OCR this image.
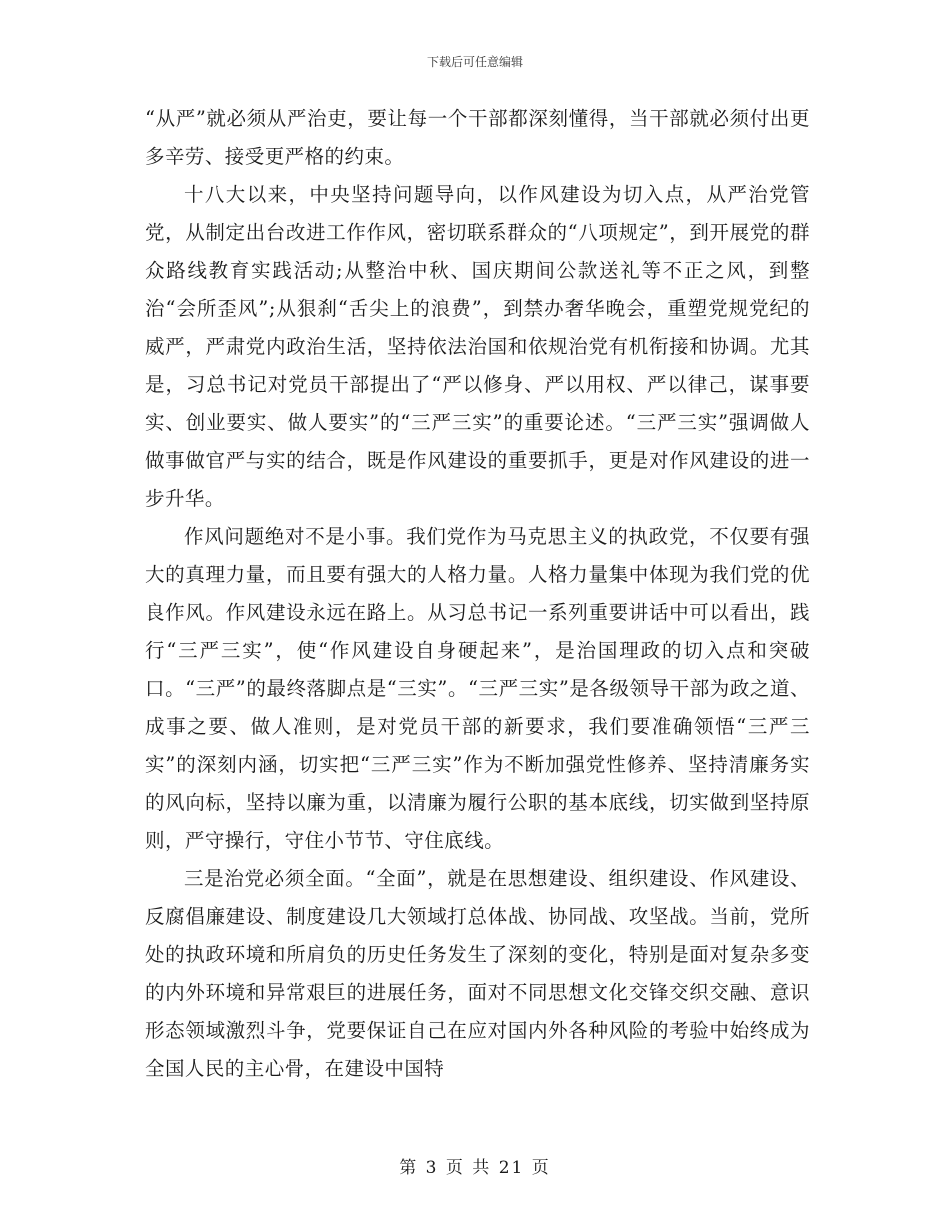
下载后可任意编辑

“从严”就必须从严治吏，要让每一个干部都深刻懂得，当干部就必须付出更多辛劳、接受更严格的约束。

十八大以来，中央坚持问题导向，以作风建设为切入点，从严治党管党，从制定出台改进工作作风，密切联系群众的“八项规定”，到开展党的群众路线教育实践活动;从整治中秋、国庆期间公款送礼等不正之风，到整治“会所歪风”;从狠刹“舌尖上的浪费”，到禁办奢华晚会，重塑党规党纪的威严，严肃党内政治生活，坚持依法治国和依规治党有机衔接和协调。尤其是，习总书记对党员干部提出了“严以修身、严以用权、严以律己，谋事要实、创业要实、做人要实”的“三严三实”的重要论述。“三严三实”强调做人做事做官严与实的结合，既是作风建设的重要抓手，更是对作风建设的进一步升华。

作风问题绝对不是小事。我们党作为马克思主义的执政党，不仅要有强大的真理力量，而且要有强大的人格力量。人格力量集中体现为我们党的优良作风。作风建设永远在路上。从习总书记一系列重要讲话中可以看出，践行“三严三实”，使“作风建设自身硬起来”，是治国理政的切入点和突破口。“三严”的最终落脚点是“三实”。“三严三实”是各级领导干部为政之道、成事之要、做人准则，是对党员干部的新要求，我们要准确领悟“三严三实”的深刻内涵，切实把“三严三实”作为不断加强党性修养、坚持清廉务实的风向标，坚持以廉为重，以清廉为履行公职的基本底线，切实做到坚持原则，严守操行，守住小节节、守住底线。

三是治党必须全面。“全面”，就是在思想建设、组织建设、作风建设、反腐倡廉建设、制度建设几大领域打总体战、协同战、攻坚战。当前，党所处的执政环境和所肩负的历史任务发生了深刻的变化，特别是面对复杂多变的内外环境和异常艰巨的进展任务，面对不同思想文化交锋交织交融、意识形态领域激烈斗争，党要保证自己在应对国内外各种风险的考验中始终成为全国人民的主心骨，在建设中国特

第 3 页 共 21 页
